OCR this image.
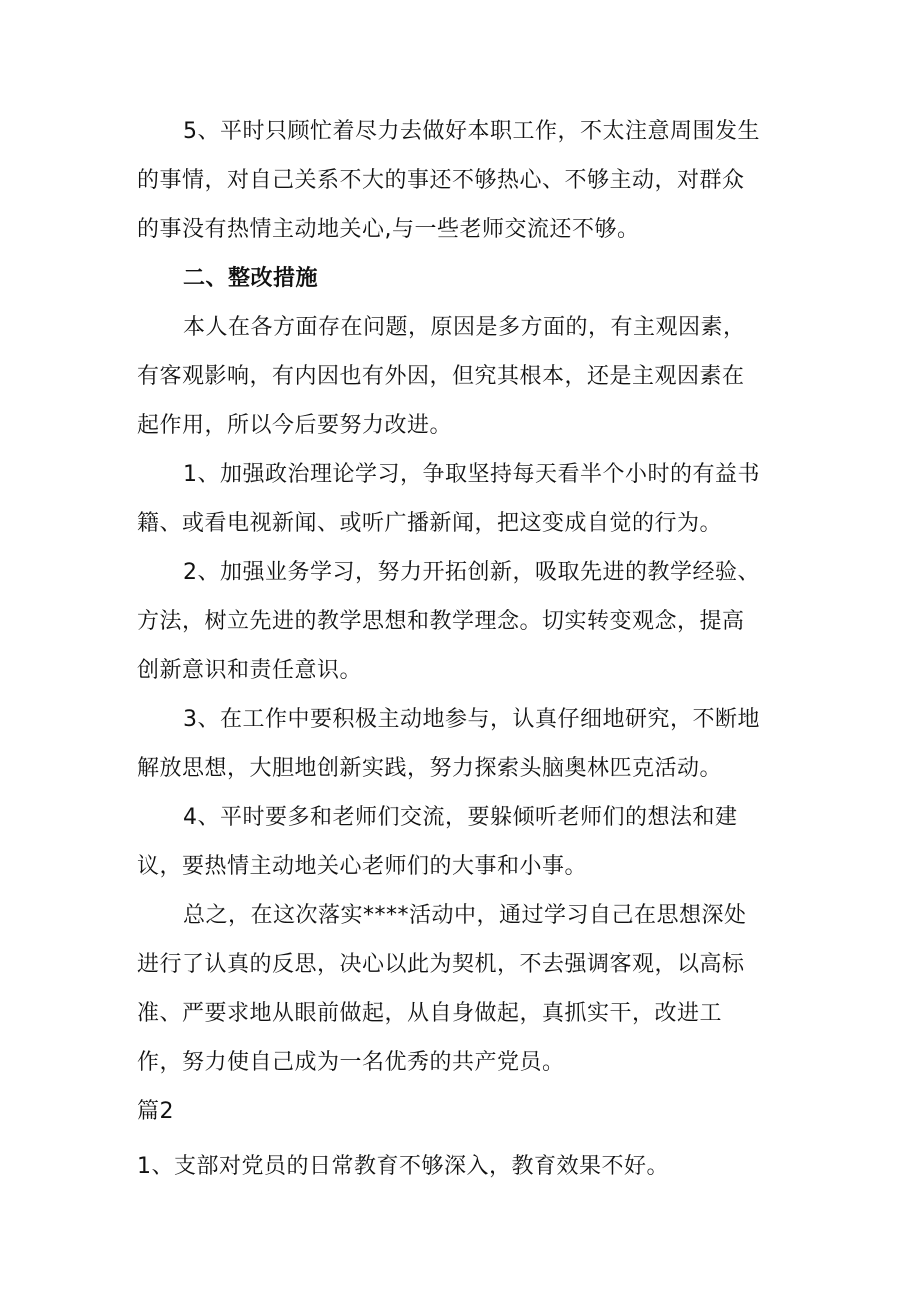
5、平时只顾忙着尽力去做好本职工作，不太注意周围发生
的事情，对自己关系不大的事还不够热心、不够主动，对群众
的事没有热情主动地关心,与一些老师交流还不够。
二、整改措施
本人在各方面存在问题，原因是多方面的，有主观因素，
有客观影响，有内因也有外因，但究其根本，还是主观因素在
起作用，所以今后要努力改进。
1、加强政治理论学习，争取坚持每天看半个小时的有益书
籍、或看电视新闻、或听广播新闻，把这变成自觉的行为。
2、加强业务学习，努力开拓创新，吸取先进的教学经验、
方法，树立先进的教学思想和教学理念。切实转变观念，提高
创新意识和责任意识。
3、在工作中要积极主动地参与，认真仔细地研究，不断地
解放思想，大胆地创新实践，努力探索头脑奥林匹克活动。
4、平时要多和老师们交流，要躲倾听老师们的想法和建
议，要热情主动地关心老师们的大事和小事。
总之，在这次落实****活动中，通过学习自己在思想深处
进行了认真的反思，决心以此为契机，不去强调客观，以高标
准、严要求地从眼前做起，从自身做起，真抓实干，改进工
作，努力使自己成为一名优秀的共产党员。
篇2
1、支部对党员的日常教育不够深入，教育效果不好。
